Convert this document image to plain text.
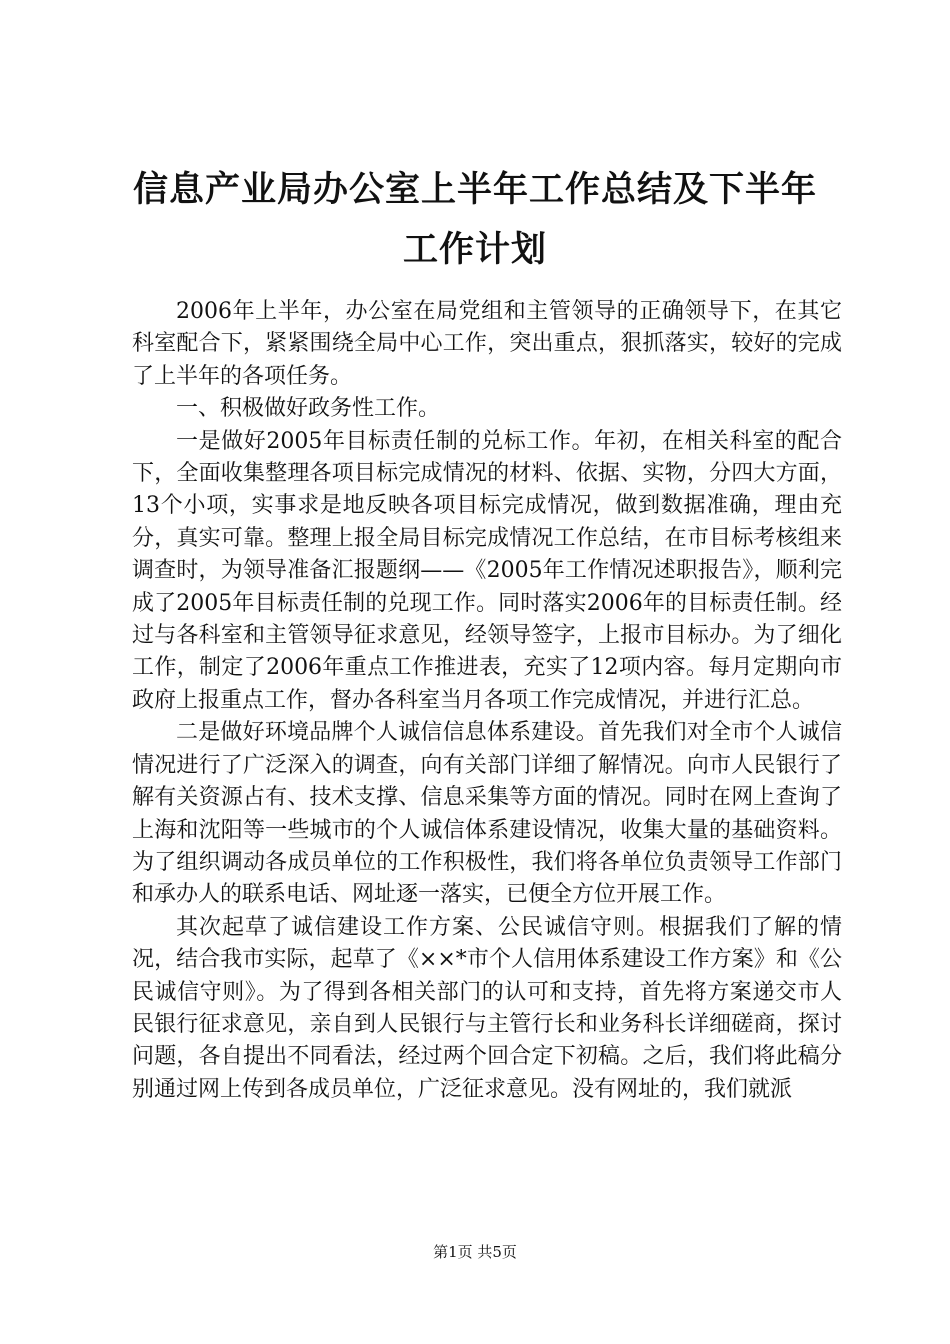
信息产业局办公室上半年工作总结及下半年工作计划

2006年上半年，办公室在局党组和主管领导的正确领导下，在其它科室配合下，紧紧围绕全局中心工作，突出重点，狠抓落实，较好的完成了上半年的各项任务。

一、积极做好政务性工作。

一是做好2005年目标责任制的兑标工作。年初，在相关科室的配合下，全面收集整理各项目标完成情况的材料、依据、实物，分四大方面，13个小项，实事求是地反映各项目标完成情况，做到数据准确，理由充分，真实可靠。整理上报全局目标完成情况工作总结，在市目标考核组来调查时，为领导准备汇报题纲——《2005年工作情况述职报告》，顺利完成了2005年目标责任制的兑现工作。同时落实2006年的目标责任制。经过与各科室和主管领导征求意见，经领导签字，上报市目标办。为了细化工作，制定了2006年重点工作推进表，充实了12项内容。每月定期向市政府上报重点工作，督办各科室当月各项工作完成情况，并进行汇总。

二是做好环境品牌个人诚信信息体系建设。首先我们对全市个人诚信情况进行了广泛深入的调查，向有关部门详细了解情况。向市人民银行了解有关资源占有、技术支撑、信息采集等方面的情况。同时在网上查询了上海和沈阳等一些城市的个人诚信体系建设情况，收集大量的基础资料。为了组织调动各成员单位的工作积极性，我们将各单位负责领导工作部门和承办人的联系电话、网址逐一落实，已便全方位开展工作。

其次起草了诚信建设工作方案、公民诚信守则。根据我们了解的情况，结合我市实际，起草了《××*市个人信用体系建设工作方案》和《公民诚信守则》。为了得到各相关部门的认可和支持，首先将方案递交市人民银行征求意见，亲自到人民银行与主管行长和业务科长详细磋商，探讨问题，各自提出不同看法，经过两个回合定下初稿。之后，我们将此稿分别通过网上传到各成员单位，广泛征求意见。没有网址的，我们就派

第1页 共5页
